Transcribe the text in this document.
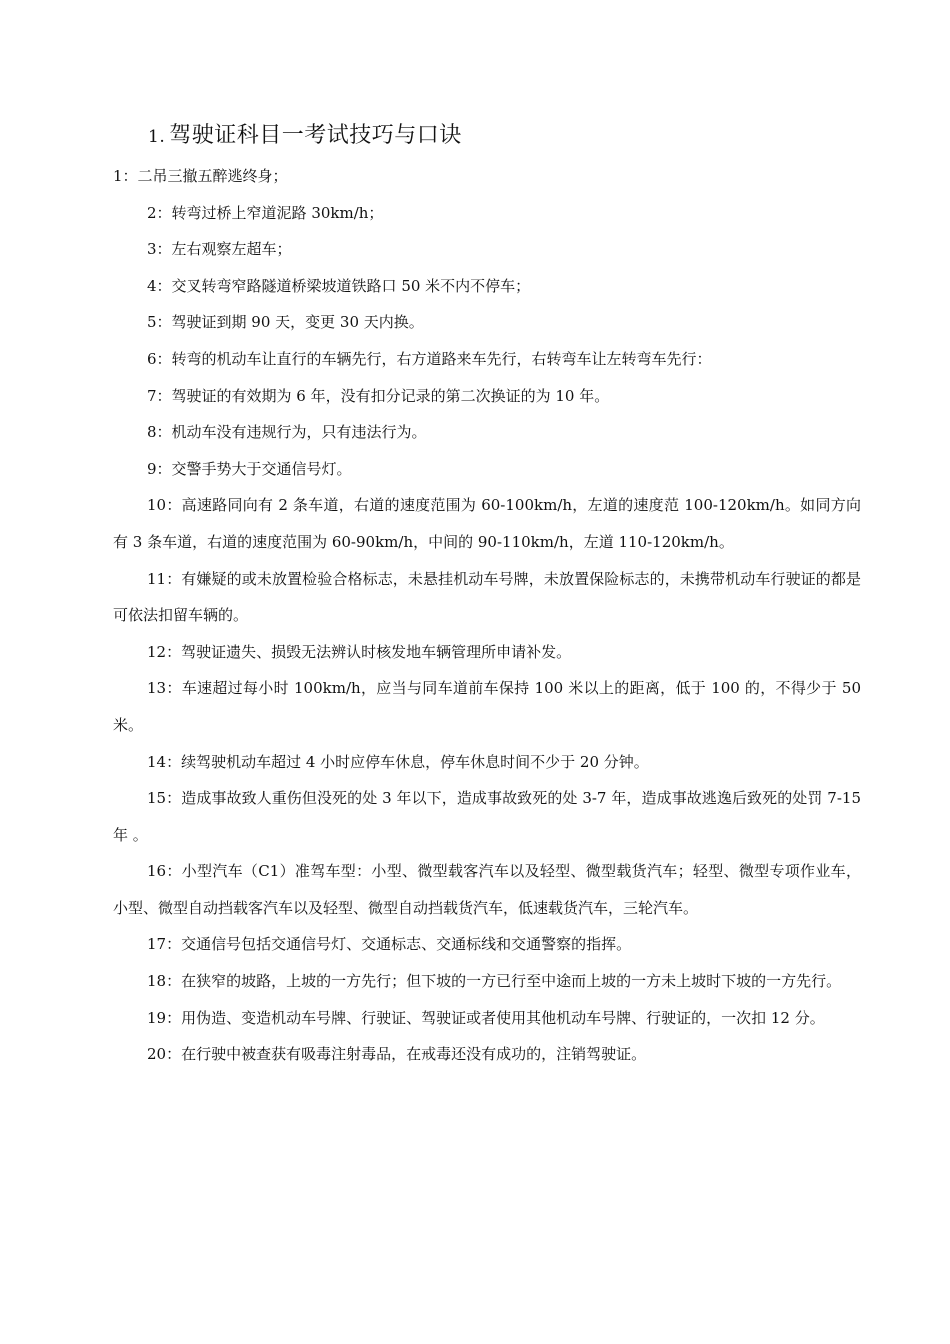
1. 驾驶证科目一考试技巧与口诀

1：二吊三撤五醉逃终身；

2：转弯过桥上窄道泥路 30km/h；

3：左右观察左超车；

4：交叉转弯窄路隧道桥梁坡道铁路口 50 米不内不停车；

5：驾驶证到期 90 天，变更 30 天内换。

6：转弯的机动车让直行的车辆先行，右方道路来车先行，右转弯车让左转弯车先行：

7：驾驶证的有效期为 6 年，没有扣分记录的第二次换证的为 10 年。

8：机动车没有违规行为，只有违法行为。

9：交警手势大于交通信号灯。

10：高速路同向有 2 条车道，右道的速度范围为 60-100km/h，左道的速度范 100-120km/h。如同方向有 3 条车道，右道的速度范围为 60-90km/h，中间的 90-110km/h，左道 110-120km/h。

11：有嫌疑的或未放置检验合格标志，未悬挂机动车号牌，未放置保险标志的，未携带机动车行驶证的都是可依法扣留车辆的。

12：驾驶证遗失、损毁无法辨认时核发地车辆管理所申请补发。

13：车速超过每小时 100km/h，应当与同车道前车保持 100 米以上的距离，低于 100 的，不得少于 50 米。

14：续驾驶机动车超过 4 小时应停车休息，停车休息时间不少于 20 分钟。

15：造成事故致人重伤但没死的处 3 年以下，造成事故致死的处 3-7 年，造成事故逃逸后致死的处罚 7-15 年 。

16：小型汽车（C1）准驾车型：小型、微型载客汽车以及轻型、微型载货汽车；轻型、微型专项作业车，小型、微型自动挡载客汽车以及轻型、微型自动挡载货汽车，低速载货汽车，三轮汽车。

17：交通信号包括交通信号灯、交通标志、交通标线和交通警察的指挥。

18：在狭窄的坡路，上坡的一方先行；但下坡的一方已行至中途而上坡的一方未上坡时下坡的一方先行。

19：用伪造、变造机动车号牌、行驶证、驾驶证或者使用其他机动车号牌、行驶证的，一次扣 12 分。

20：在行驶中被查获有吸毒注射毒品，在戒毒还没有成功的，注销驾驶证。
